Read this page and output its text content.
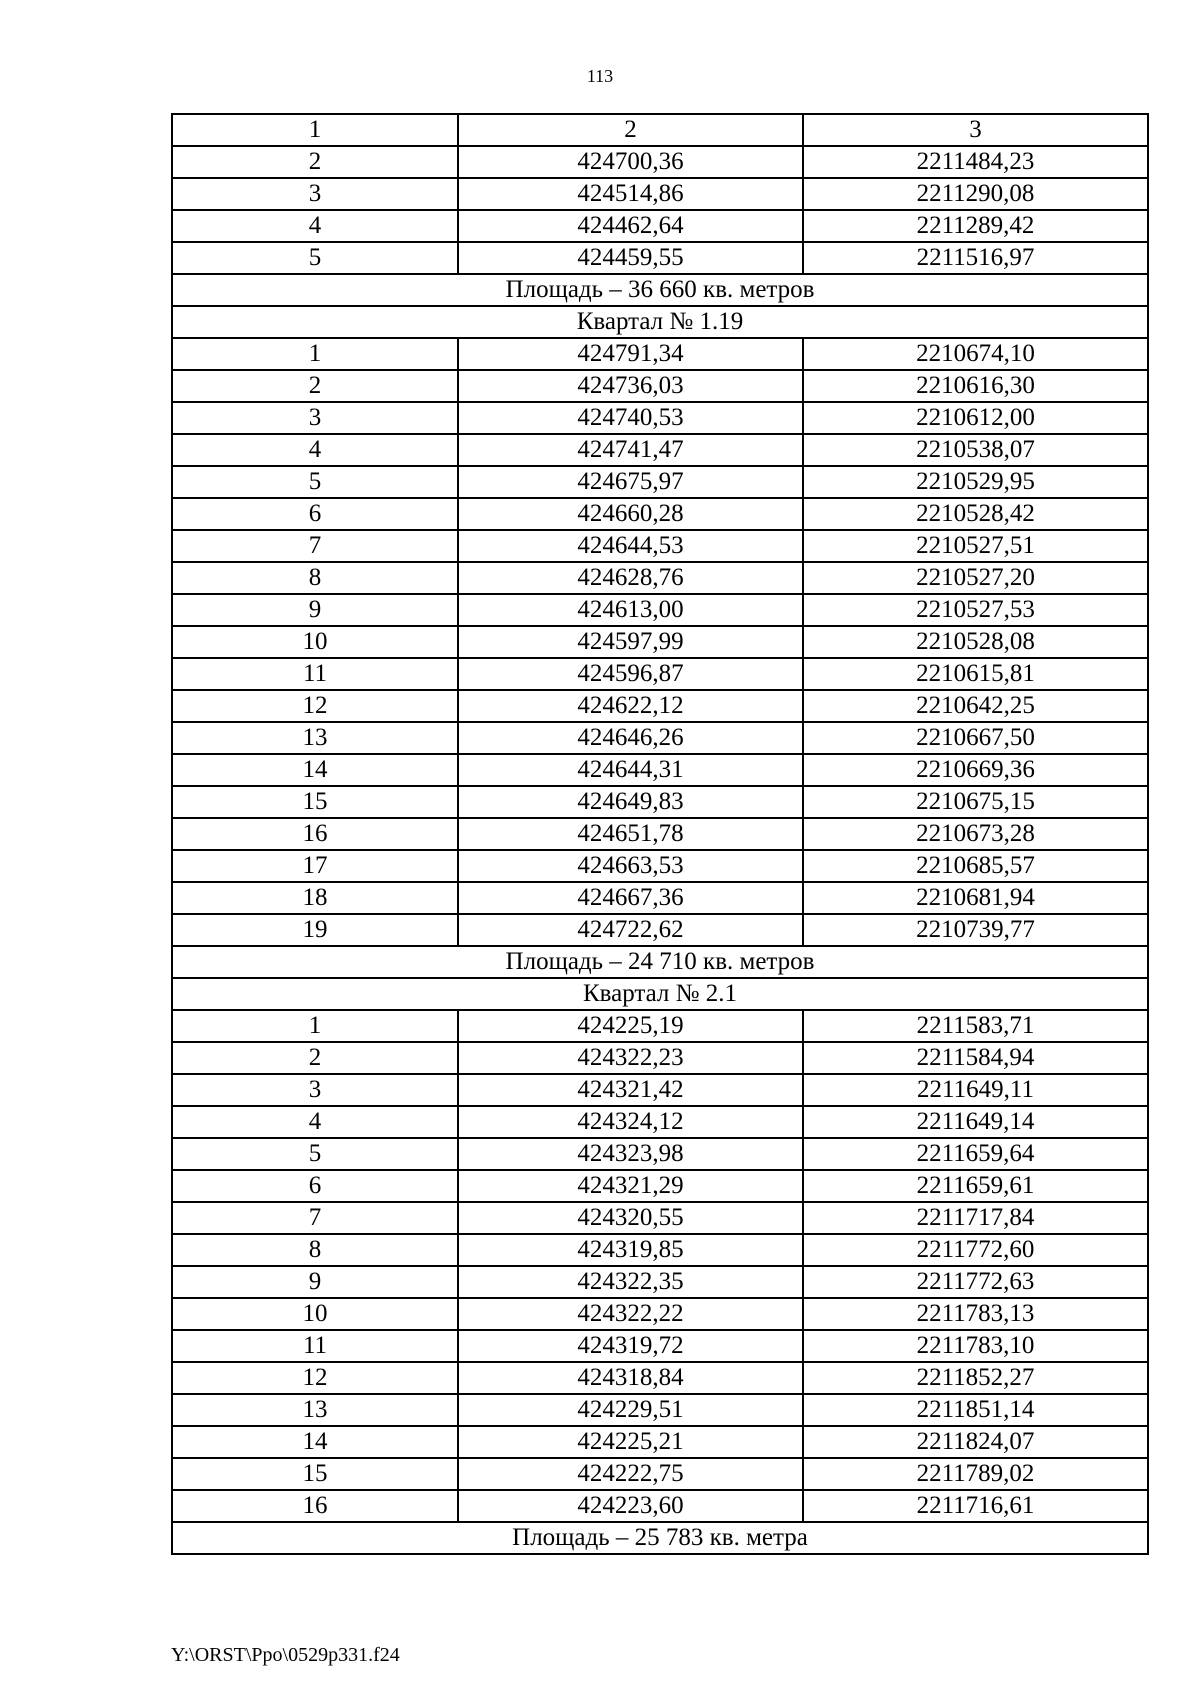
113
1	2	3
2	424700,36	2211484,23
3	424514,86	2211290,08
4	424462,64	2211289,42
5	424459,55	2211516,97
Площадь – 36 660 кв. метров		
Квартал № 1.19		
1	424791,34	2210674,10
2	424736,03	2210616,30
3	424740,53	2210612,00
4	424741,47	2210538,07
5	424675,97	2210529,95
6	424660,28	2210528,42
7	424644,53	2210527,51
8	424628,76	2210527,20
9	424613,00	2210527,53
10	424597,99	2210528,08
11	424596,87	2210615,81
12	424622,12	2210642,25
13	424646,26	2210667,50
14	424644,31	2210669,36
15	424649,83	2210675,15
16	424651,78	2210673,28
17	424663,53	2210685,57
18	424667,36	2210681,94
19	424722,62	2210739,77
Площадь – 24 710 кв. метров		
Квартал № 2.1		
1	424225,19	2211583,71
2	424322,23	2211584,94
3	424321,42	2211649,11
4	424324,12	2211649,14
5	424323,98	2211659,64
6	424321,29	2211659,61
7	424320,55	2211717,84
8	424319,85	2211772,60
9	424322,35	2211772,63
10	424322,22	2211783,13
11	424319,72	2211783,10
12	424318,84	2211852,27
13	424229,51	2211851,14
14	424225,21	2211824,07
15	424222,75	2211789,02
16	424223,60	2211716,61
Площадь – 25 783 кв. метра		
Y:\ORST\Ppo\0529p331.f24
